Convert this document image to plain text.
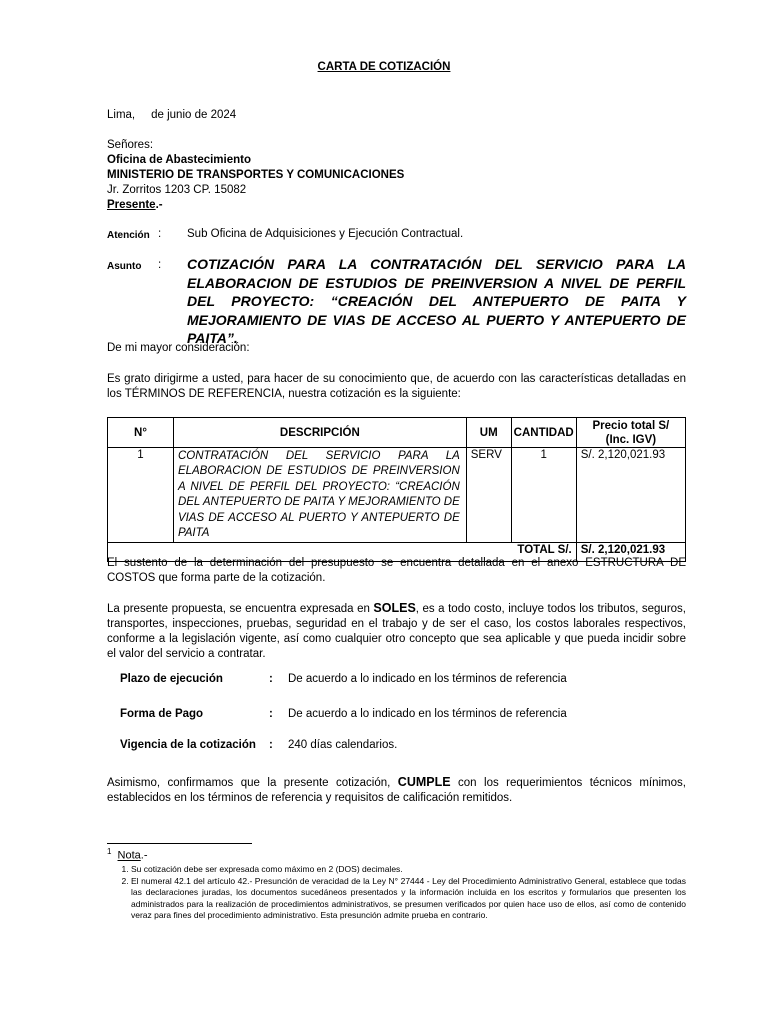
CARTA DE COTIZACIÓN
Lima, de junio de 2024
Señores:
Oficina de Abastecimiento
MINISTERIO DE TRANSPORTES Y COMUNICACIONES
Jr. Zorritos 1203 CP. 15082
Presente.-
Atención : Sub Oficina de Adquisiciones y Ejecución Contractual.
Asunto : COTIZACIÓN PARA LA CONTRATACIÓN DEL SERVICIO PARA LA ELABORACION DE ESTUDIOS DE PREINVERSION A NIVEL DE PERFIL DEL PROYECTO: “CREACIÓN DEL ANTEPUERTO DE PAITA Y MEJORAMIENTO DE VIAS DE ACCESO AL PUERTO Y ANTEPUERTO DE PAITA”.
De mi mayor consideración:
Es grato dirigirme a usted, para hacer de su conocimiento que, de acuerdo con las características detalladas en los TÉRMINOS DE REFERENCIA, nuestra cotización es la siguiente:
N°	DESCRIPCIÓN	UM	CANTIDAD	Precio total S/
(Inc. IGV)

1	CONTRATACIÓN DEL SERVICIO PARA LA ELABORACION DE ESTUDIOS DE PREINVERSION A NIVEL DE PERFIL DEL PROYECTO: “CREACIÓN DEL ANTEPUERTO DE PAITA Y MEJORAMIENTO DE VIAS DE ACCESO AL PUERTO Y ANTEPUERTO DE PAITA	SERV	1	S/. 2,120,021.93
TOTAL S/.				S/. 2,120,021.93
El sustento de la determinación del presupuesto se encuentra detallada en el anexo ESTRUCTURA DE COSTOS que forma parte de la cotización.
La presente propuesta, se encuentra expresada en SOLES, es a todo costo, incluye todos los tributos, seguros, transportes, inspecciones, pruebas, seguridad en el trabajo y de ser el caso, los costos laborales respectivos, conforme a la legislación vigente, así como cualquier otro concepto que sea aplicable y que pueda incidir sobre el valor del servicio a contratar.
Plazo de ejecución	: De acuerdo a lo indicado en los términos de referencia
Forma de Pago	: De acuerdo a lo indicado en los términos de referencia
Vigencia de la cotización : 240 días calendarios.
Asimismo, confirmamos que la presente cotización, CUMPLE con los requerimientos técnicos mínimos, establecidos en los términos de referencia y requisitos de calificación remitidos.
$^1$ Nota.-
1. Su cotización debe ser expresada como máximo en 2 (DOS) decimales.
2. El numeral 42.1 del artículo 42.- Presunción de veracidad de la Ley N° 27444 - Ley del Procedimiento Administrativo General, establece que todas las declaraciones juradas, los documentos sucedáneos presentados y la información incluida en los escritos y formularios que presenten los administrados para la realización de procedimientos administrativos, se presumen verificados por quien hace uso de ellos, así como de contenido veraz para fines del procedimiento administrativo. Esta presunción admite prueba en contrario.
